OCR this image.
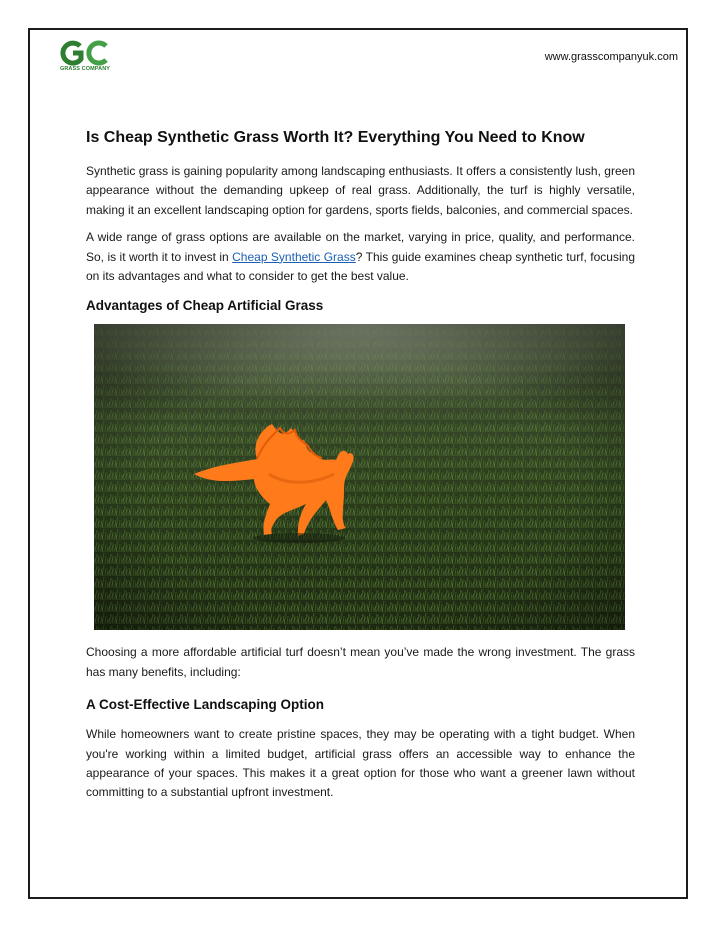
GRASS COMPANY
www.grasscompanyuk.com
Is Cheap Synthetic Grass Worth It? Everything You Need to Know

Synthetic grass is gaining popularity among landscaping enthusiasts. It offers a consistently lush, green appearance without the demanding upkeep of real grass. Additionally, the turf is highly versatile, making it an excellent landscaping option for gardens, sports fields, balconies, and commercial spaces.

A wide range of grass options are available on the market, varying in price, quality, and performance. So, is it worth it to invest in Cheap Synthetic Grass? This guide examines cheap synthetic turf, focusing on its advantages and what to consider to get the best value.

Advantages of Cheap Artificial Grass

Choosing a more affordable artificial turf doesn’t mean you’ve made the wrong investment. The grass has many benefits, including:

A Cost-Effective Landscaping Option

While homeowners want to create pristine spaces, they may be operating with a tight budget. When you're working within a limited budget, artificial grass offers an accessible way to enhance the appearance of your spaces. This makes it a great option for those who want a greener lawn without committing to a substantial upfront investment.
